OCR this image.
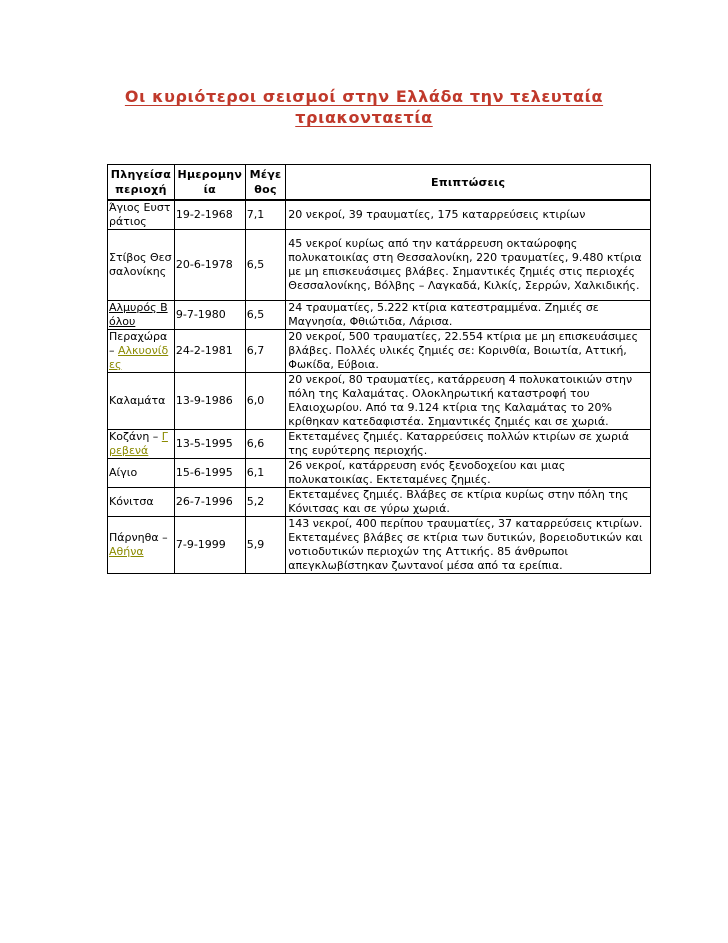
Οι κυριότεροι σεισμοί στην Ελλάδα την τελευταία τριακονταετία
Πληγείσα περιοχή	Ημερομηνία	Μέγεθος	Επιπτώσεις
Άγιος Ευστράτιος	19-2-1968	7,1	20 νεκροί, 39 τραυματίες, 175 καταρρεύσεις κτιρίων
Στίβος Θεσσαλονίκης	20-6-1978	6,5	45 νεκροί κυρίως από την κατάρρευση οκταώροφης πολυκατοικίας στη Θεσσαλονίκη, 220 τραυματίες, 9.480 κτίρια με μη επισκευάσιμες βλάβες. Σημαντικές ζημιές στις περιοχές Θεσσαλονίκης, Βόλβης – Λαγκαδά, Κιλκίς, Σερρών, Χαλκιδικής.
Αλμυρός Βόλου	9-7-1980	6,5	24 τραυματίες, 5.222 κτίρια κατεστραμμένα. Ζημιές σε Μαγνησία, Φθιώτιδα, Λάρισα.
Περαχώρα – Αλκυονίδες	24-2-1981	6,7	20 νεκροί, 500 τραυματίες, 22.554 κτίρια με μη επισκευάσιμες βλάβες. Πολλές υλικές ζημιές σε: Κορινθία, Βοιωτία, Αττική, Φωκίδα, Εύβοια.
Καλαμάτα	13-9-1986	6,0	20 νεκροί, 80 τραυματίες, κατάρρευση 4 πολυκατοικιών στην πόλη της Καλαμάτας. Ολοκληρωτική καταστροφή του Ελαιοχωρίου. Από τα 9.124 κτίρια της Καλαμάτας το 20% κρίθηκαν κατεδαφιστέα. Σημαντικές ζημιές και σε χωριά.
Κοζάνη – Γρεβενά	13-5-1995	6,6	Εκτεταμένες ζημιές. Καταρρεύσεις πολλών κτιρίων σε χωριά της ευρύτερης περιοχής.
Αίγιο	15-6-1995	6,1	26 νεκροί, κατάρρευση ενός ξενοδοχείου και μιας πολυκατοικίας. Εκτεταμένες ζημιές.
Κόνιτσα	26-7-1996	5,2	Εκτεταμένες ζημιές. Βλάβες σε κτίρια κυρίως στην πόλη της Κόνιτσας και σε γύρω χωριά.
Πάρνηθα – Αθήνα	7-9-1999	5,9	143 νεκροί, 400 περίπου τραυματίες, 37 καταρρεύσεις κτιρίων. Εκτεταμένες βλάβες σε κτίρια των δυτικών, βορειοδυτικών και νοτιοδυτικών περιοχών της Αττικής. 85 άνθρωποι απεγκλωβίστηκαν ζωντανοί μέσα από τα ερείπια.
